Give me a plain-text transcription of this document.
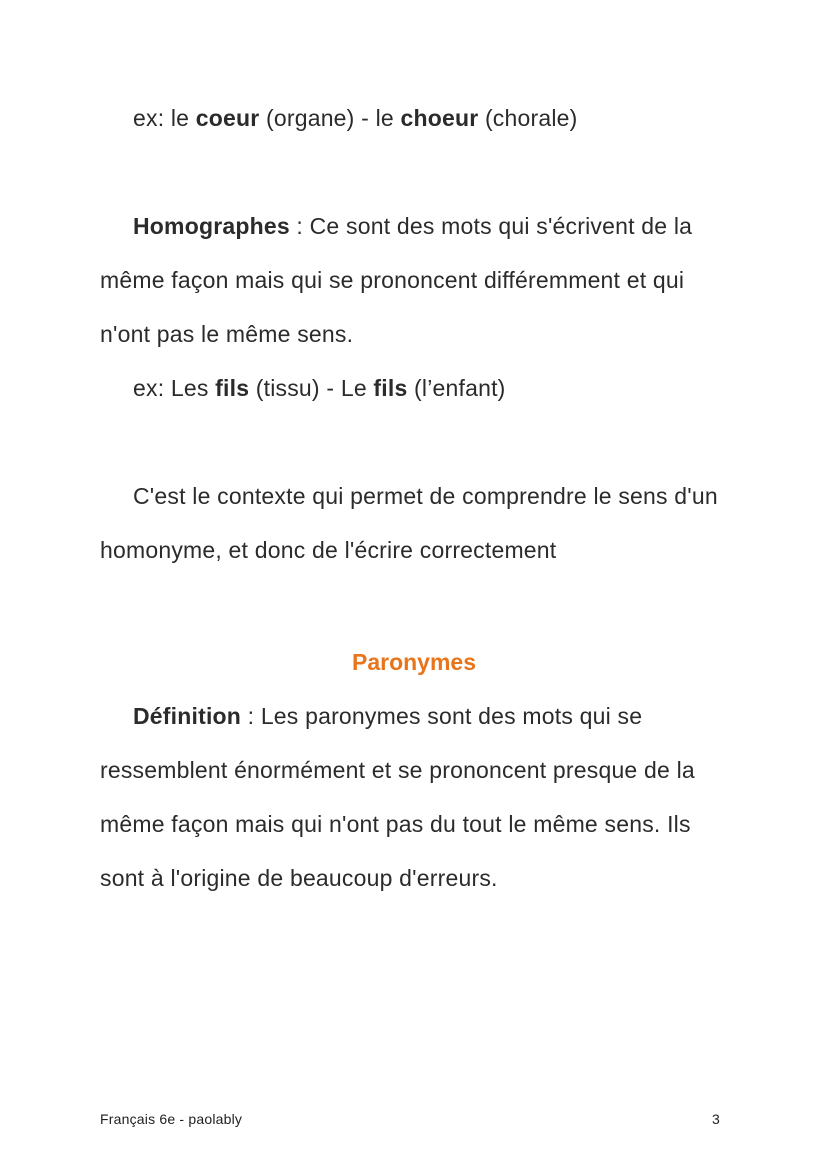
ex: le coeur (organe) - le choeur (chorale)

Homographes : Ce sont des mots qui s'écrivent de la même façon mais qui se prononcent différemment et qui n'ont pas le même sens.

ex: Les fils (tissu) - Le fils (l’enfant)

C'est le contexte qui permet de comprendre le sens d'un homonyme, et donc de l'écrire correctement

Paronymes

Définition : Les paronymes sont des mots qui se ressemblent énormément et se prononcent presque de la même façon mais qui n'ont pas du tout le même sens. Ils sont à l'origine de beaucoup d'erreurs.

Français 6e - paolably	3
